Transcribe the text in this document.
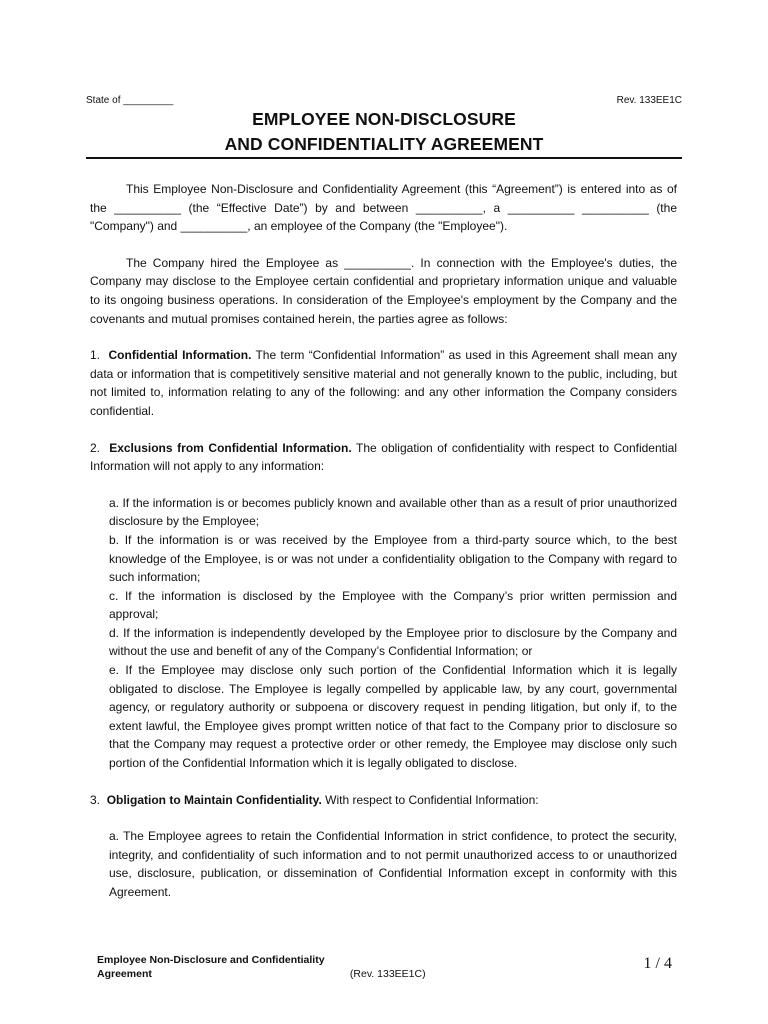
State of _________	Rev. 133EE1C
EMPLOYEE NON-DISCLOSURE
AND CONFIDENTIALITY AGREEMENT

This Employee Non-Disclosure and Confidentiality Agreement (this “Agreement”) is entered into as of the __________ (the “Effective Date”) by and between __________, a __________ __________ (the "Company") and __________, an employee of the Company (the "Employee").

The Company hired the Employee as __________. In connection with the Employee's duties, the Company may disclose to the Employee certain confidential and proprietary information unique and valuable to its ongoing business operations. In consideration of the Employee's employment by the Company and the covenants and mutual promises contained herein, the parties agree as follows:

1. Confidential Information. The term “Confidential Information” as used in this Agreement shall mean any data or information that is competitively sensitive material and not generally known to the public, including, but not limited to, information relating to any of the following: and any other information the Company considers confidential.

2. Exclusions from Confidential Information. The obligation of confidentiality with respect to Confidential Information will not apply to any information:

a. If the information is or becomes publicly known and available other than as a result of prior unauthorized disclosure by the Employee;

b. If the information is or was received by the Employee from a third-party source which, to the best knowledge of the Employee, is or was not under a confidentiality obligation to the Company with regard to such information;

c. If the information is disclosed by the Employee with the Company’s prior written permission and approval;

d. If the information is independently developed by the Employee prior to disclosure by the Company and without the use and benefit of any of the Company’s Confidential Information; or

e. If the Employee may disclose only such portion of the Confidential Information which it is legally obligated to disclose. The Employee is legally compelled by applicable law, by any court, governmental agency, or regulatory authority or subpoena or discovery request in pending litigation, but only if, to the extent lawful, the Employee gives prompt written notice of that fact to the Company prior to disclosure so that the Company may request a protective order or other remedy, the Employee may disclose only such portion of the Confidential Information which it is legally obligated to disclose.

3. Obligation to Maintain Confidentiality. With respect to Confidential Information:

a. The Employee agrees to retain the Confidential Information in strict confidence, to protect the security, integrity, and confidentiality of such information and to not permit unauthorized access to or unauthorized use, disclosure, publication, or dissemination of Confidential Information except in conformity with this Agreement.

Employee Non-Disclosure and Confidentiality Agreement	(Rev. 133EE1C)
1 / 4
